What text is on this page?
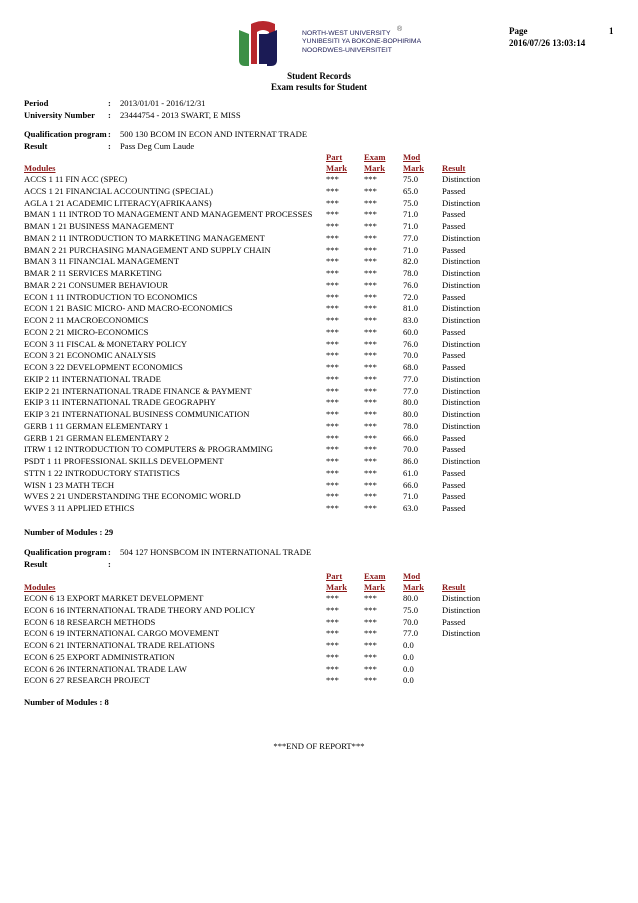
NORTH-WEST UNIVERSITY
YUNIBESITI YA BOKONE-BOPHIRIMA
NOORDWES-UNIVERSITEIT
®	Page	1
2016/07/26 13:03:14
Student Records
Exam results for Student
Period	: 2013/01/01 - 2016/12/31
University Number : 23444754 - 2013 SWART, E MISS
Qualification program : 500 130 BCOM IN ECON AND INTERNAT TRADE
Result	: Pass Deg Cum Laude
Part	Exam Mod
Modules	Mark Mark Mark Result
ACCS 1 11 FIN ACC (SPEC)	***	***	75.0	Distinction
ACCS 1 21 FINANCIAL ACCOUNTING (SPECIAL)	***	***	65.0	Passed
AGLA 1 21 ACADEMIC LITERACY(AFRIKAANS)	***	***	75.0	Distinction
BMAN 1 11 INTROD TO MANAGEMENT AND MANAGEMENT PROCESSES ***	***	71.0	Passed
BMAN 1 21 BUSINESS MANAGEMENT	***	***	71.0	Passed
BMAN 2 11 INTRODUCTION TO MARKETING MANAGEMENT	***	***	77.0	Distinction
BMAN 2 21 PURCHASING MANAGEMENT AND SUPPLY CHAIN	***	***	71.0	Passed
BMAN 3 11 FINANCIAL MANAGEMENT	***	***	82.0	Distinction
BMAR 2 11 SERVICES MARKETING	***	***	78.0	Distinction
BMAR 2 21 CONSUMER BEHAVIOUR	***	***	76.0	Distinction
ECON 1 11 INTRODUCTION TO ECONOMICS	***	***	72.0	Passed
ECON 1 21 BASIC MICRO- AND MACRO-ECONOMICS	***	***	81.0	Distinction
ECON 2 11 MACROECONOMICS	***	***	83.0	Distinction
ECON 2 21 MICRO-ECONOMICS	***	***	60.0	Passed
ECON 3 11 FISCAL & MONETARY POLICY	***	***	76.0	Distinction
ECON 3 21 ECONOMIC ANALYSIS	***	***	70.0	Passed
ECON 3 22 DEVELOPMENT ECONOMICS	***	***	68.0	Passed
EKIP 2 11 INTERNATIONAL TRADE	***	***	77.0	Distinction
EKIP 2 21 INTERNATIONAL TRADE FINANCE & PAYMENT	***	***	77.0	Distinction
EKIP 3 11 INTERNATIONAL TRADE GEOGRAPHY	***	***	80.0	Distinction
EKIP 3 21 INTERNATIONAL BUSINESS COMMUNICATION	***	***	80.0	Distinction
GERB 1 11 GERMAN ELEMENTARY 1	***	***	78.0	Distinction
GERB 1 21 GERMAN ELEMENTARY 2	***	***	66.0	Passed
ITRW 1 12 INTRODUCTION TO COMPUTERS & PROGRAMMING	***	***	70.0	Passed
PSDT 1 11 PROFESSIONAL SKILLS DEVELOPMENT	***	***	86.0	Distinction
STTN 1 22 INTRODUCTORY STATISTICS	***	***	61.0	Passed
WISN 1 23 MATH TECH	***	***	66.0	Passed
WVES 2 21 UNDERSTANDING THE ECONOMIC WORLD	***	***	71.0	Passed
WVES 3 11 APPLIED ETHICS	***	***	63.0	Passed
Number of Modules : 29
Qualification program : 504 127 HONSBCOM IN INTERNATIONAL TRADE
Result	:
Part	Exam Mod
Modules	Mark Mark Mark Result
ECON 6 13 EXPORT MARKET DEVELOPMENT	***	***	80.0	Distinction
ECON 6 16 INTERNATIONAL TRADE THEORY AND POLICY	***	***	75.0	Distinction
ECON 6 18 RESEARCH METHODS	***	***	70.0	Passed
ECON 6 19 INTERNATIONAL CARGO MOVEMENT	***	***	77.0	Distinction
ECON 6 21 INTERNATIONAL TRADE RELATIONS	***	***	0.0
ECON 6 25 EXPORT ADMINISTRATION	***	***	0.0
ECON 6 26 INTERNATIONAL TRADE LAW	***	***	0.0
ECON 6 27 RESEARCH PROJECT	***	***	0.0
Number of Modules : 8
***END OF REPORT***
